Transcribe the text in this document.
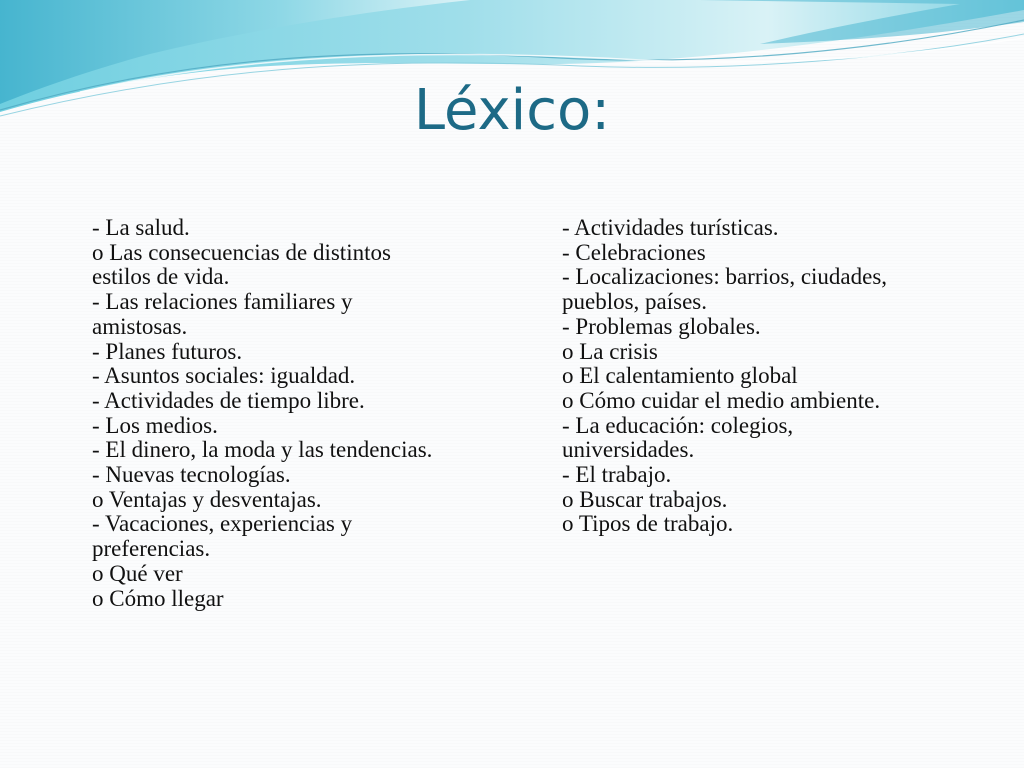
Léxico:
- La salud.
o Las consecuencias de distintos
estilos de vida.
- Las relaciones familiares y
amistosas.
- Planes futuros.
- Asuntos sociales: igualdad.
- Actividades de tiempo libre.
- Los medios.
- El dinero, la moda y las tendencias.
- Nuevas tecnologías.
o Ventajas y desventajas.
- Vacaciones, experiencias y
preferencias.
o Qué ver
o Cómo llegar
- Actividades turísticas.
- Celebraciones
- Localizaciones: barrios, ciudades,
pueblos, países.
- Problemas globales.
o La crisis
o El calentamiento global
o Cómo cuidar el medio ambiente.
- La educación: colegios,
universidades.
- El trabajo.
o Buscar trabajos.
o Tipos de trabajo.
